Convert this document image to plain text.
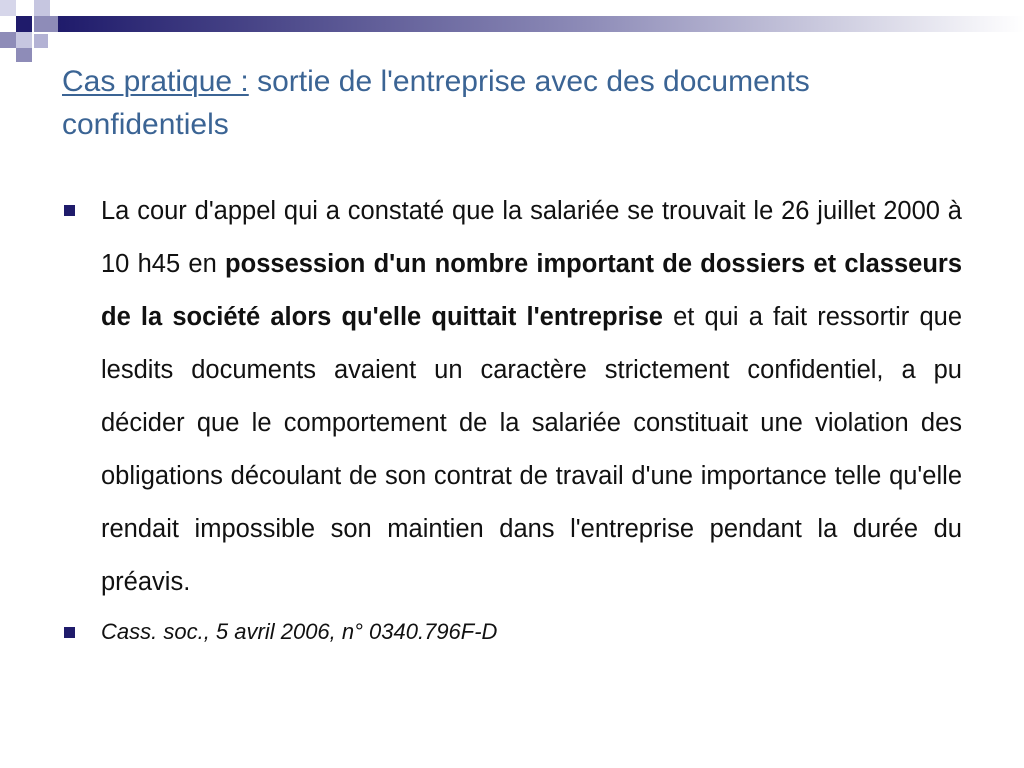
Cas pratique : sortie de l'entreprise avec des documents confidentiels

La cour d'appel qui a constaté que la salariée se trouvait le 26 juillet 2000 à 10 h45 en possession d'un nombre important de dossiers et classeurs de la société alors qu'elle quittait l'entreprise et qui a fait ressortir que lesdits documents avaient un caractère strictement confidentiel, a pu décider que le comportement de la salariée constituait une violation des obligations découlant de son contrat de travail d'une importance telle qu'elle rendait impossible son maintien dans l'entreprise pendant la durée du préavis.

Cass. soc., 5 avril 2006, n° 0340.796F-D
